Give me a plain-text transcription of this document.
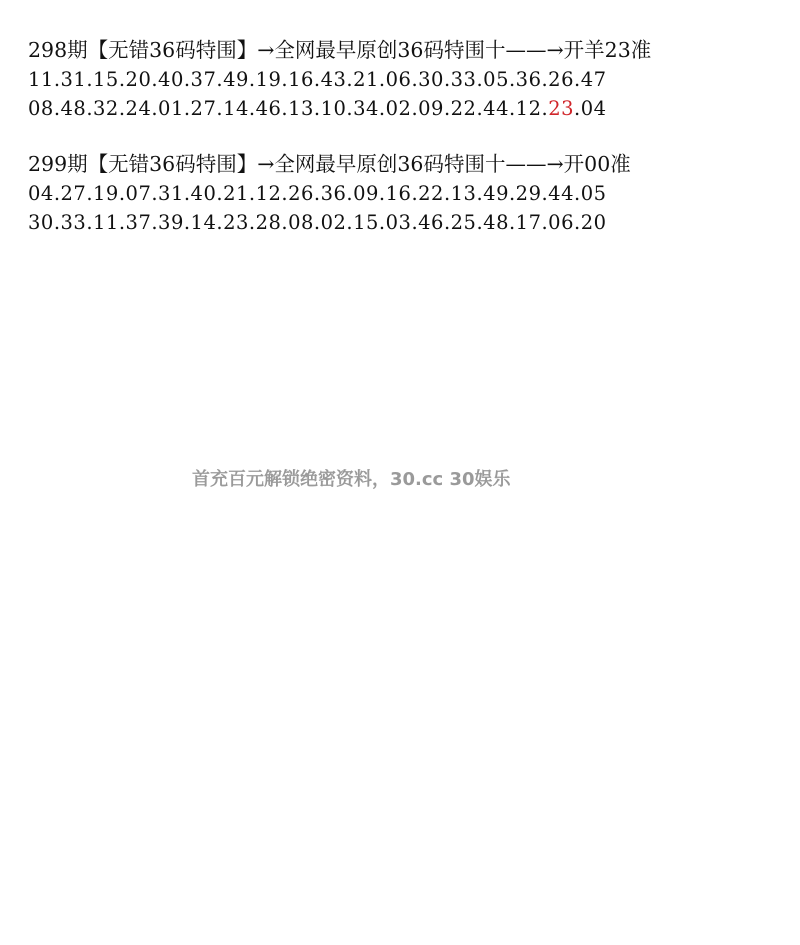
298期【无错36码特围】→全网最早原创36码特围十——→开羊23准
11.31.15.20.40.37.49.19.16.43.21.06.30.33.05.36.26.47
08.48.32.24.01.27.14.46.13.10.34.02.09.22.44.12.23.04
299期【无错36码特围】→全网最早原创36码特围十——→开00准
04.27.19.07.31.40.21.12.26.36.09.16.22.13.49.29.44.05
30.33.11.37.39.14.23.28.08.02.15.03.46.25.48.17.06.20
首充百元解锁绝密资料，30.cc 30娱乐
